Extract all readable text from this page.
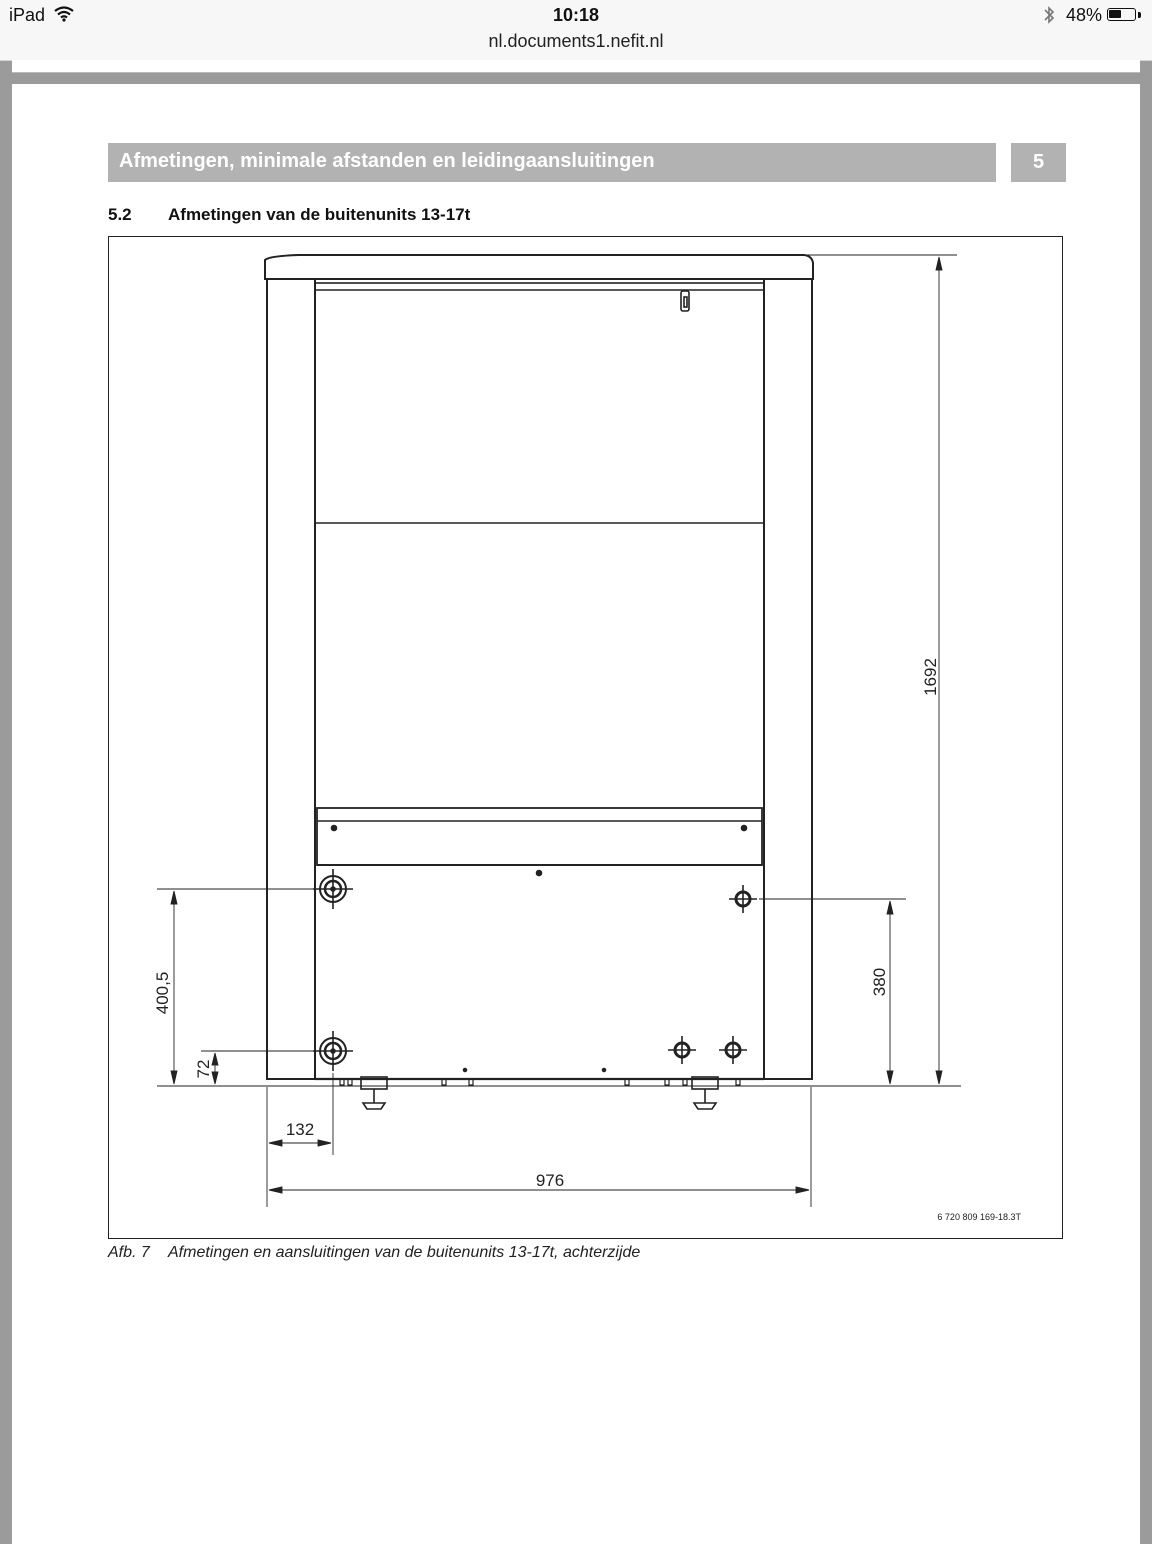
iPad	10:18
nl.documents1.nefit.nl
48%
Afmetingen, minimale afstanden en leidingaansluitingen	5
5.2 Afmetingen van de buitenunits 13-17t
1692
400,5
72
380
132
976
6 720 809 169-18.3T
Afb. 7 Afmetingen en aansluitingen van de buitenunits 13-17t, achterzijde
